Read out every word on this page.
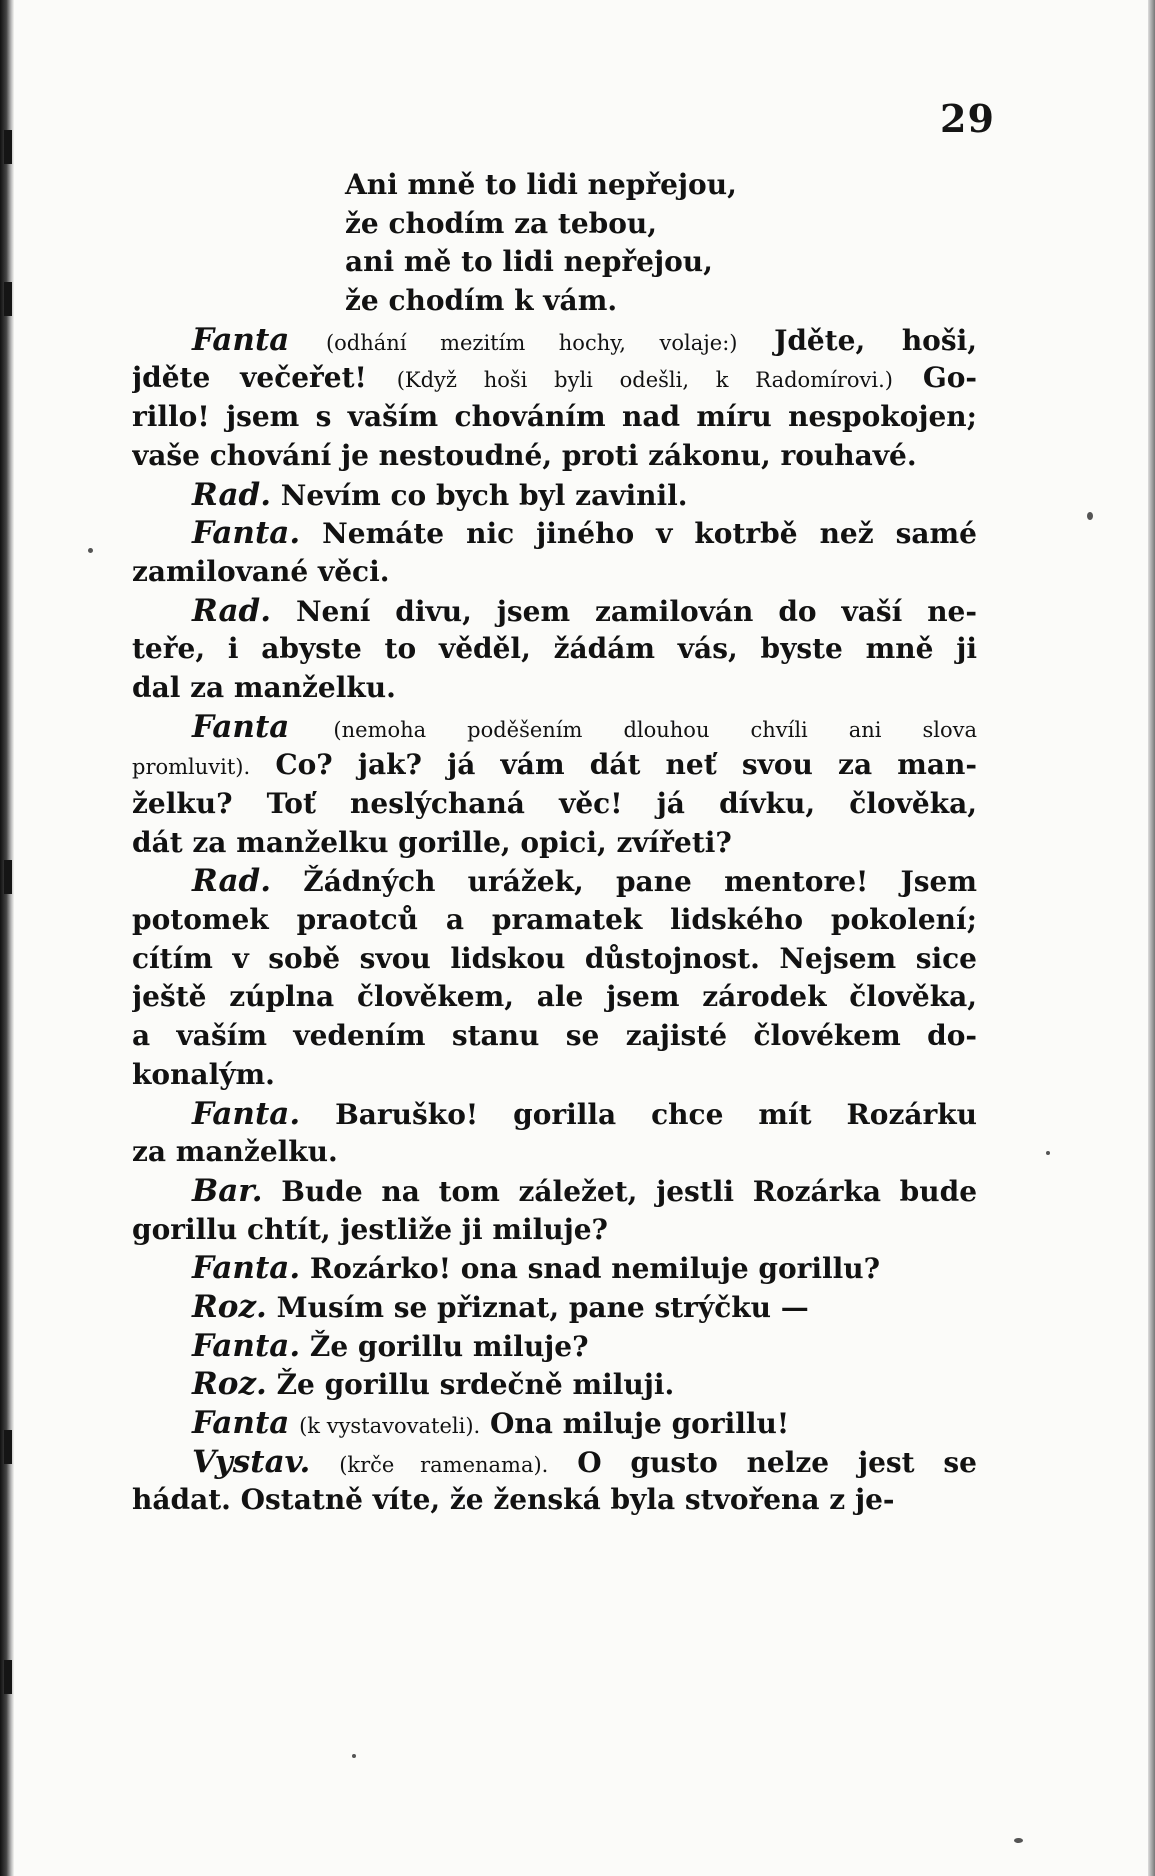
29
Ani mně to lidi nepřejou,
že chodím za tebou,
ani mě to lidi nepřejou,
že chodím k vám.
Fanta (odhání mezitím hochy, volaje:) Jděte, hoši,
jděte večeřet! (Když hoši byli odešli, k Radomírovi.) Go-
rillo! jsem s vaším chováním nad míru nespokojen;
vaše chování je nestoudné, proti zákonu, rouhavé.
Rad. Nevím co bych byl zavinil.
Fanta. Nemáte nic jiného v kotrbě než samé
zamilované věci.
Rad. Není divu, jsem zamilován do vaší ne-
teře, i abyste to věděl, žádám vás, byste mně ji
dal za manželku.
Fanta (nemoha poděšením dlouhou chvíli ani slova
promluvit). Co? jak? já vám dát neť svou za man-
želku? Toť neslýchaná věc! já dívku, člověka,
dát za manželku gorille, opici, zvířeti?
Rad. Žádných urážek, pane mentore! Jsem
potomek praotců a pramatek lidského pokolení;
cítím v sobě svou lidskou důstojnost. Nejsem sice
ještě zúplna člověkem, ale jsem zárodek člověka,
a vaším vedením stanu se zajisté človékem do-
konalým.
Fanta. Baruško! gorilla chce mít Rozárku
za manželku.
Bar. Bude na tom záležet, jestli Rozárka bude
gorillu chtít, jestliže ji miluje?
Fanta. Rozárko! ona snad nemiluje gorillu?
Roz. Musím se přiznat, pane strýčku —
Fanta. Že gorillu miluje?
Roz. Že gorillu srdečně miluji.
Fanta (k vystavovateli). Ona miluje gorillu!
Vystav. (krče ramenama). O gusto nelze jest se
hádat. Ostatně víte, že ženská byla stvořena z je-
